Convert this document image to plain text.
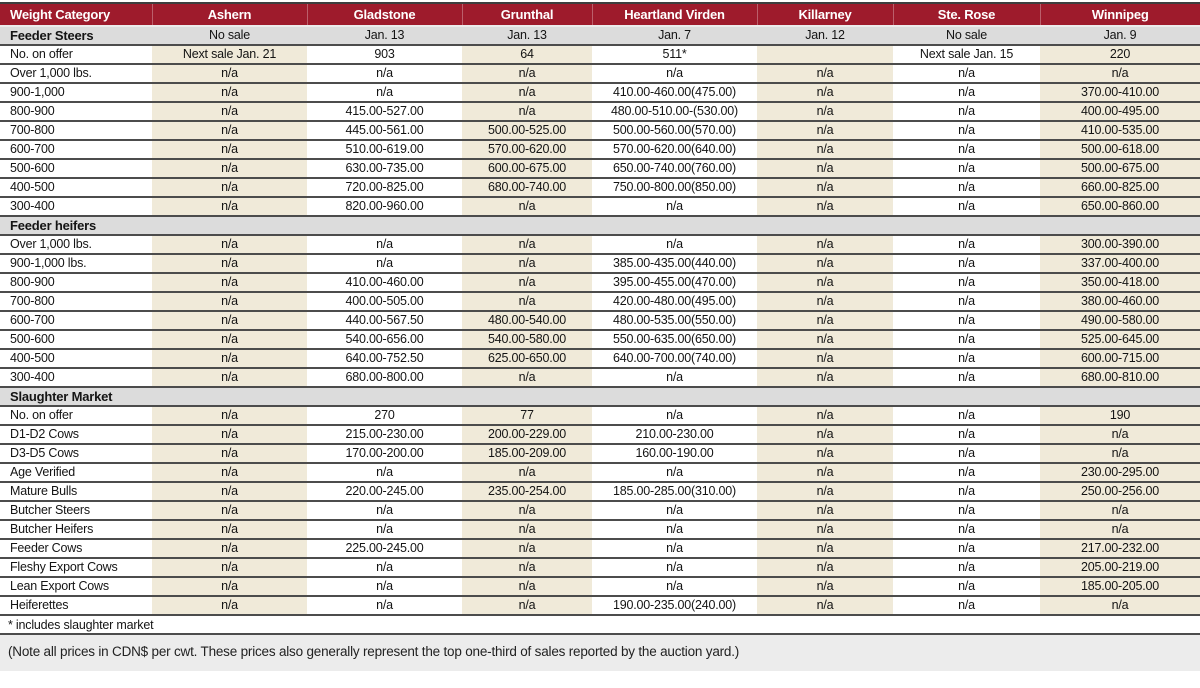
Weight Category	Ashern	Gladstone	Grunthal	Heartland Virden	Killarney	Ste. Rose	Winnipeg
Feeder Steers	No sale	Jan. 13	Jan. 13	Jan. 7	Jan. 12	No sale	Jan. 9
No. on offer	Next sale Jan. 21	903	64	511*		Next sale Jan. 15	220
Over 1,000 lbs.	n/a	n/a	n/a	n/a	n/a	n/a	n/a
900-1,000	n/a	n/a	n/a	410.00-460.00(475.00)	n/a	n/a	370.00-410.00
800-900	n/a	415.00-527.00	n/a	480.00-510.00-(530.00)	n/a	n/a	400.00-495.00
700-800	n/a	445.00-561.00	500.00-525.00	500.00-560.00(570.00)	n/a	n/a	410.00-535.00
600-700	n/a	510.00-619.00	570.00-620.00	570.00-620.00(640.00)	n/a	n/a	500.00-618.00
500-600	n/a	630.00-735.00	600.00-675.00	650.00-740.00(760.00)	n/a	n/a	500.00-675.00
400-500	n/a	720.00-825.00	680.00-740.00	750.00-800.00(850.00)	n/a	n/a	660.00-825.00
300-400	n/a	820.00-960.00	n/a	n/a	n/a	n/a	650.00-860.00
Feeder heifers							
Over 1,000 lbs.	n/a	n/a	n/a	n/a	n/a	n/a	300.00-390.00
900-1,000 lbs.	n/a	n/a	n/a	385.00-435.00(440.00)	n/a	n/a	337.00-400.00
800-900	n/a	410.00-460.00	n/a	395.00-455.00(470.00)	n/a	n/a	350.00-418.00
700-800	n/a	400.00-505.00	n/a	420.00-480.00(495.00)	n/a	n/a	380.00-460.00
600-700	n/a	440.00-567.50	480.00-540.00	480.00-535.00(550.00)	n/a	n/a	490.00-580.00
500-600	n/a	540.00-656.00	540.00-580.00	550.00-635.00(650.00)	n/a	n/a	525.00-645.00
400-500	n/a	640.00-752.50	625.00-650.00	640.00-700.00(740.00)	n/a	n/a	600.00-715.00
300-400	n/a	680.00-800.00	n/a	n/a	n/a	n/a	680.00-810.00
Slaughter Market							
No. on offer	n/a	270	77	n/a	n/a	n/a	190
D1-D2 Cows	n/a	215.00-230.00	200.00-229.00	210.00-230.00	n/a	n/a	n/a
D3-D5 Cows	n/a	170.00-200.00	185.00-209.00	160.00-190.00	n/a	n/a	n/a
Age Verified	n/a	n/a	n/a	n/a	n/a	n/a	230.00-295.00
Mature Bulls	n/a	220.00-245.00	235.00-254.00	185.00-285.00(310.00)	n/a	n/a	250.00-256.00
Butcher Steers	n/a	n/a	n/a	n/a	n/a	n/a	n/a
Butcher Heifers	n/a	n/a	n/a	n/a	n/a	n/a	n/a
Feeder Cows	n/a	225.00-245.00	n/a	n/a	n/a	n/a	217.00-232.00
Fleshy Export Cows	n/a	n/a	n/a	n/a	n/a	n/a	205.00-219.00
Lean Export Cows	n/a	n/a	n/a	n/a	n/a	n/a	185.00-205.00
Heiferettes	n/a	n/a	n/a	190.00-235.00(240.00)	n/a	n/a	n/a
* includes slaughter market
(Note all prices in CDN$ per cwt. These prices also generally represent the top one-third of sales reported by the auction yard.)
